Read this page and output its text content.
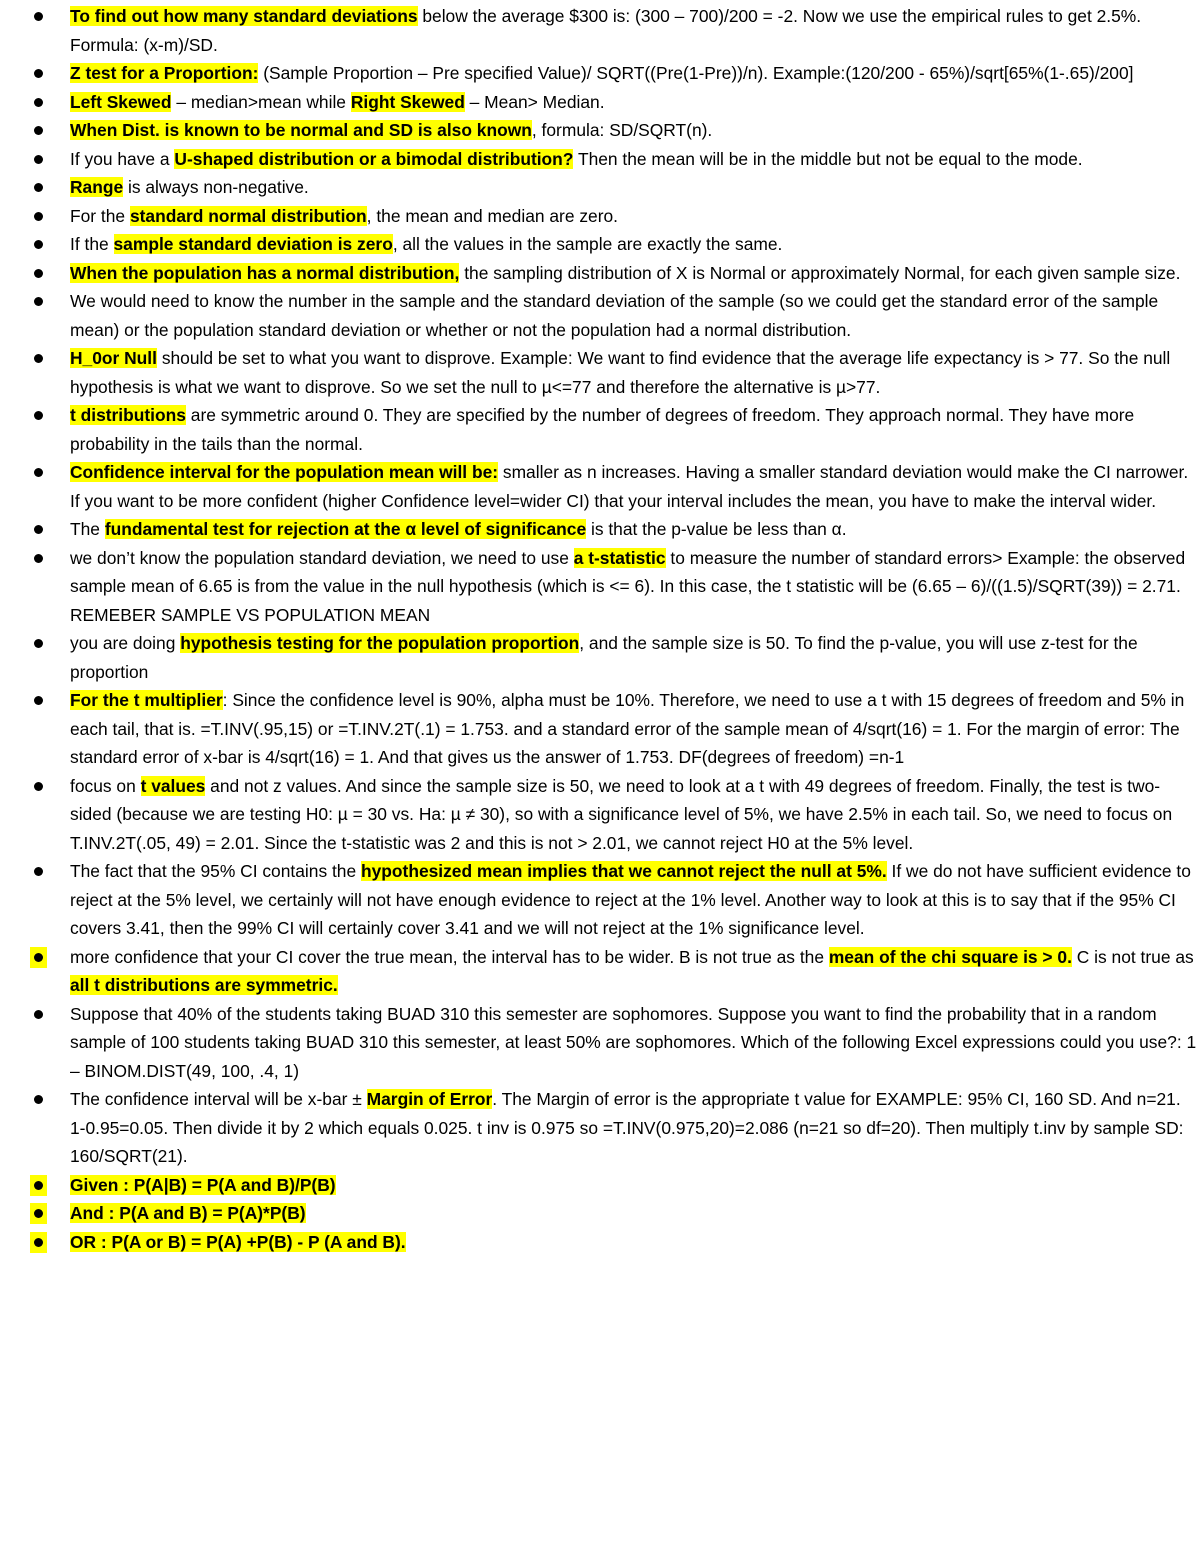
To find out how many standard deviations below the average $300 is: (300 – 700)/200 = -2. Now we use the empirical rules to get 2.5%. Formula: (x-m)/SD.
Z test for a Proportion: (Sample Proportion – Pre specified Value)/ SQRT((Pre(1-Pre))/n). Example:(120/200 - 65%)/sqrt[65%(1-.65)/200]
Left Skewed – median>mean while Right Skewed – Mean> Median.
When Dist. is known to be normal and SD is also known, formula: SD/SQRT(n).
If you have a U-shaped distribution or a bimodal distribution? Then the mean will be in the middle but not be equal to the mode.
Range is always non-negative.
For the standard normal distribution, the mean and median are zero.
If the sample standard deviation is zero, all the values in the sample are exactly the same.
When the population has a normal distribution, the sampling distribution of X is Normal or approximately Normal, for each given sample size.
We would need to know the number in the sample and the standard deviation of the sample (so we could get the standard error of the sample mean) or the population standard deviation or whether or not the population had a normal distribution.
H_0or Null should be set to what you want to disprove. Example: We want to find evidence that the average life expectancy is > 77. So the null hypothesis is what we want to disprove. So we set the null to µ<=77 and therefore the alternative is µ>77.
t distributions are symmetric around 0. They are specified by the number of degrees of freedom. They approach normal. They have more probability in the tails than the normal.
Confidence interval for the population mean will be: smaller as n increases. Having a smaller standard deviation would make the CI narrower. If you want to be more confident (higher Confidence level=wider CI) that your interval includes the mean, you have to make the interval wider.
The fundamental test for rejection at the α level of significance is that the p-value be less than α.
we don’t know the population standard deviation, we need to use a t-statistic to measure the number of standard errors> Example: the observed sample mean of 6.65 is from the value in the null hypothesis (which is <= 6). In this case, the t statistic will be (6.65 – 6)/((1.5)/SQRT(39)) = 2.71. REMEBER SAMPLE VS POPULATION MEAN
you are doing hypothesis testing for the population proportion, and the sample size is 50. To find the p-value, you will use z-test for the proportion
For the t multiplier: Since the confidence level is 90%, alpha must be 10%. Therefore, we need to use a t with 15 degrees of freedom and 5% in each tail, that is. =T.INV(.95,15) or =T.INV.2T(.1) = 1.753. and a standard error of the sample mean of 4/sqrt(16) = 1. For the margin of error: The standard error of x-bar is 4/sqrt(16) = 1. And that gives us the answer of 1.753. DF(degrees of freedom) =n-1
focus on t values and not z values. And since the sample size is 50, we need to look at a t with 49 degrees of freedom. Finally, the test is two-sided (because we are testing H0: µ = 30 vs. Ha: µ ≠ 30), so with a significance level of 5%, we have 2.5% in each tail. So, we need to focus on T.INV.2T(.05, 49) = 2.01. Since the t-statistic was 2 and this is not > 2.01, we cannot reject H0 at the 5% level.
The fact that the 95% CI contains the hypothesized mean implies that we cannot reject the null at 5%. If we do not have sufficient evidence to reject at the 5% level, we certainly will not have enough evidence to reject at the 1% level. Another way to look at this is to say that if the 95% CI covers 3.41, then the 99% CI will certainly cover 3.41 and we will not reject at the 1% significance level.
more confidence that your CI cover the true mean, the interval has to be wider. B is not true as the mean of the chi square is > 0. C is not true as all t distributions are symmetric.
Suppose that 40% of the students taking BUAD 310 this semester are sophomores. Suppose you want to find the probability that in a random sample of 100 students taking BUAD 310 this semester, at least 50% are sophomores. Which of the following Excel expressions could you use?: 1 – BINOM.DIST(49, 100, .4, 1)
The confidence interval will be x-bar ± Margin of Error. The Margin of error is the appropriate t value for EXAMPLE: 95% CI, 160 SD. And n=21. 1-0.95=0.05. Then divide it by 2 which equals 0.025. t inv is 0.975 so =T.INV(0.975,20)=2.086 (n=21 so df=20). Then multiply t.inv by sample SD: 160/SQRT(21).
Given : P(A|B) = P(A and B)/P(B)
And : P(A and B) = P(A)*P(B)
OR : P(A or B) = P(A) +P(B) - P (A and B).
